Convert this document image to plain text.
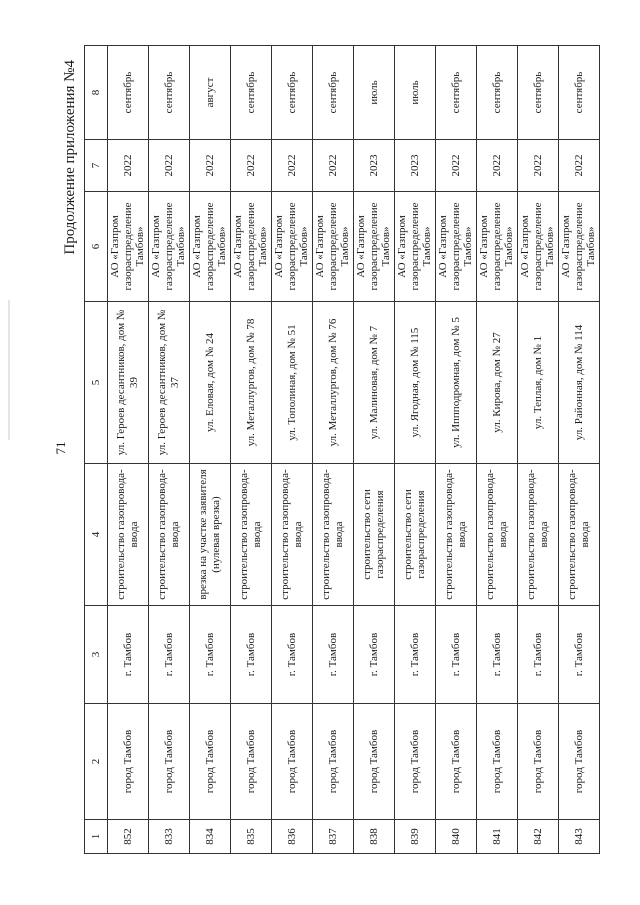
71
Продолжение приложения №4
1	2	3	4	5	6	7	8
852	город Тамбов	г. Тамбов	строительство газопровода-ввода	ул. Героев десантников, дом № 39	АО «Газпром газораспределение Тамбов»	2022	сентябрь
833	город Тамбов	г. Тамбов	строительство газопровода-ввода	ул. Героев десантников, дом № 37	АО «Газпром газораспределение Тамбов»	2022	сентябрь
834	город Тамбов	г. Тамбов	врезка на участке заявителя (нулевая врезка)	ул. Еловая, дом № 24	АО «Газпром газораспределение Тамбов»	2022	август
835	город Тамбов	г. Тамбов	строительство газопровода-ввода	ул. Металлургов, дом № 78	АО «Газпром газораспределение Тамбов»	2022	сентябрь
836	город Тамбов	г. Тамбов	строительство газопровода-ввода	ул. Тополиная, дом № 51	АО «Газпром газораспределение Тамбов»	2022	сентябрь
837	город Тамбов	г. Тамбов	строительство газопровода-ввода	ул. Металлургов, дом № 76	АО «Газпром газораспределение Тамбов»	2022	сентябрь
838	город Тамбов	г. Тамбов	строительство сети газораспределения	ул. Малиновая, дом № 7	АО «Газпром газораспределение Тамбов»	2023	июль
839	город Тамбов	г. Тамбов	строительство сети газораспределения	ул. Ягодная, дом № 115	АО «Газпром газораспределение Тамбов»	2023	июль
840	город Тамбов	г. Тамбов	строительство газопровода-ввода	ул. Иппподромная, дом № 5	АО «Газпром газораспределение Тамбов»	2022	сентябрь
841	город Тамбов	г. Тамбов	строительство газопровода-ввода	ул. Кирова, дом № 27	АО «Газпром газораспределение Тамбов»	2022	сентябрь
842	город Тамбов	г. Тамбов	строительство газопровода-ввода	ул. Теплая, дом № 1	АО «Газпром газораспределение Тамбов»	2022	сентябрь
843	город Тамбов	г. Тамбов	строительство газопровода-ввода	ул. Районная, дом № 114	АО «Газпром газораспределение Тамбов»	2022	сентябрь
